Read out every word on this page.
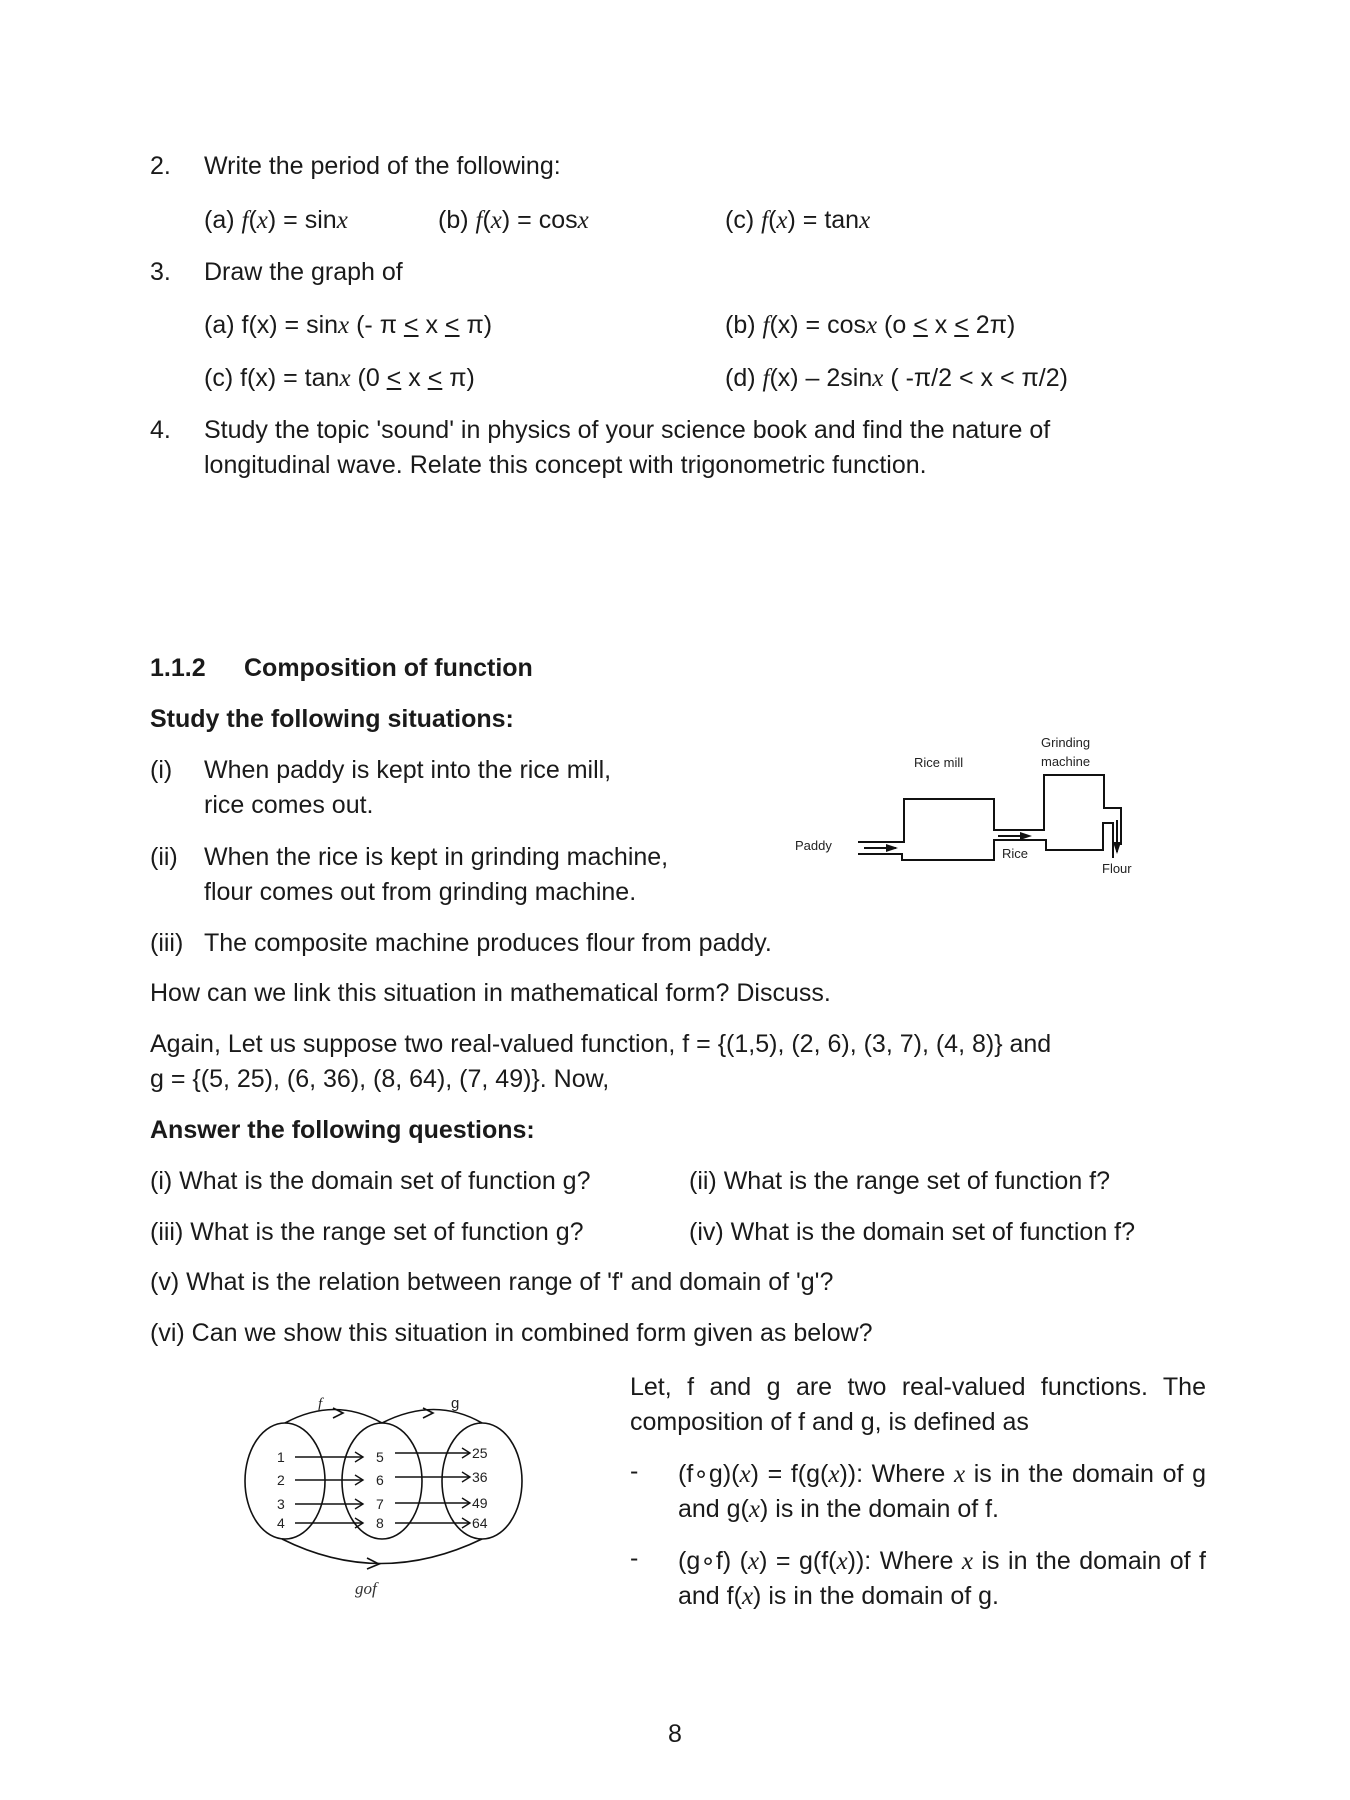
2. Write the period of the following:
(a) f(x) = sinx	(b) f(x) = cosx	(c) f(x) = tanx
3. Draw the graph of
(a) f(x) = sinx (- π < x < π)	(b) f(x) = cosx (o < x < 2π)
(c) f(x) = tanx (0 < x < π)	(d) f(x) – 2sinx ( -π/2 < x < π/2)
4. Study the topic 'sound' in physics of your science book and find the nature of
longitudinal wave. Relate this concept with trigonometric function.
1.1.2 Composition of function
Study the following situations:
(i) When paddy is kept into the rice mill,
rice comes out.
(ii) When the rice is kept in grinding machine,
flour comes out from grinding machine.
(iii) The composite machine produces flour from paddy.
Paddy
Rice mill
Rice
Grinding
machine
Flour
How can we link this situation in mathematical form? Discuss.
Again, Let us suppose two real-valued function, f = {(1,5), (2, 6), (3, 7), (4, 8)} and
g = {(5, 25), (6, 36), (8, 64), (7, 49)}. Now,
Answer the following questions:
(i) What is the domain set of function g?	(ii) What is the range set of function f?
(iii) What is the range set of function g?	(iv) What is the domain set of function f?
(v) What is the relation between range of 'f' and domain of 'g'?
(vi) Can we show this situation in combined form given as below?
f	g
gof
1
2
3
4
5
6
7
8
25
36
49
64
Let, f and g are two real-valued functions. The composition of f and g, is defined as
- (f∘g)(x) = f(g(x)): Where x is in the domain of g and g(x) is in the domain of f.
- (g∘f) (x) = g(f(x)): Where x is in the domain of f and f(x) is in the domain of g.
8
